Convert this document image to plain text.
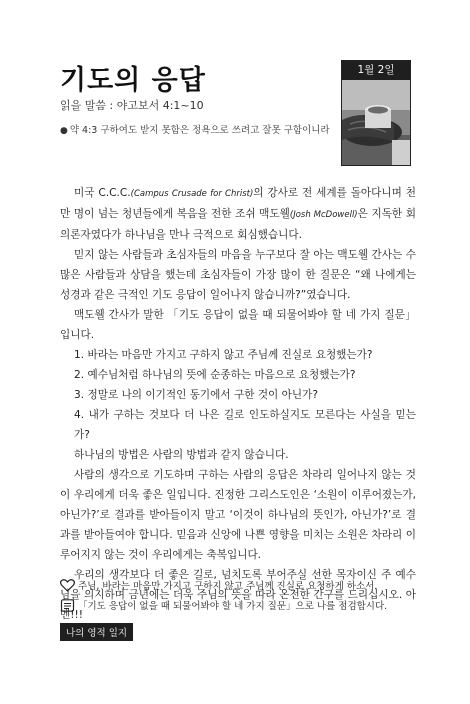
기도의 응답
읽을 말씀 : 야고보서 4:1~10
● 약 4:3 구하여도 받지 못함은 정욕으로 쓰려고 잘못 구함이니라
1월 2일

미국 C.C.C.(Campus Crusade for Christ)의 강사로 전 세계를 돌아다니며 천 만 명이 넘는 청년들에게 복음을 전한 조쉬 맥도웰(Josh McDowell)은 지독한 회의론자였다가 하나님을 만나 극적으로 회심했습니다.

믿지 않는 사람들과 초심자들의 마음을 누구보다 잘 아는 맥도웰 간사는 수많은 사람들과 상담을 했는데 초심자들이 가장 많이 한 질문은 “왜 나에게는 성경과 같은 극적인 기도 응답이 일어나지 않습니까?”였습니다.

맥도웰 간사가 말한 「기도 응답이 없을 때 되물어봐야 할 네 가지 질문」입니다.

1. 바라는 마음만 가지고 구하지 않고 주님께 진실로 요청했는가?

2. 예수님처럼 하나님의 뜻에 순종하는 마음으로 요청했는가?

3. 정말로 나의 이기적인 동기에서 구한 것이 아닌가?

4. 내가 구하는 것보다 더 나은 길로 인도하실지도 모른다는 사실을 믿는가?

하나님의 방법은 사람의 방법과 같지 않습니다.

사람의 생각으로 기도하며 구하는 사람의 응답은 차라리 일어나지 않는 것이 우리에게 더욱 좋은 일입니다. 진정한 그리스도인은 ‘소원이 이루어졌는가, 아닌가?’로 결과를 받아들이지 말고 ‘이것이 하나님의 뜻인가, 아닌가?’로 결과를 받아들여야 합니다. 믿음과 신앙에 나쁜 영향을 미치는 소원은 차라리 이루어지지 않는 것이 우리에게는 축복입니다.

우리의 생각보다 더 좋은 길로, 넘치도록 부어주실 선한 목자이신 주 예수님을 의지하며 금년에는 더욱 주님의 뜻을 따라 온전한 간구를 드리십시오. 아멘!!!

주님, 바라는 마음만 가지고 구하지 않고 주님께 진실로 요청하게 하소서.
「기도 응답이 없을 때 되물어봐야 할 네 가지 질문」으로 나를 점검합시다.
나의 영적 일지
